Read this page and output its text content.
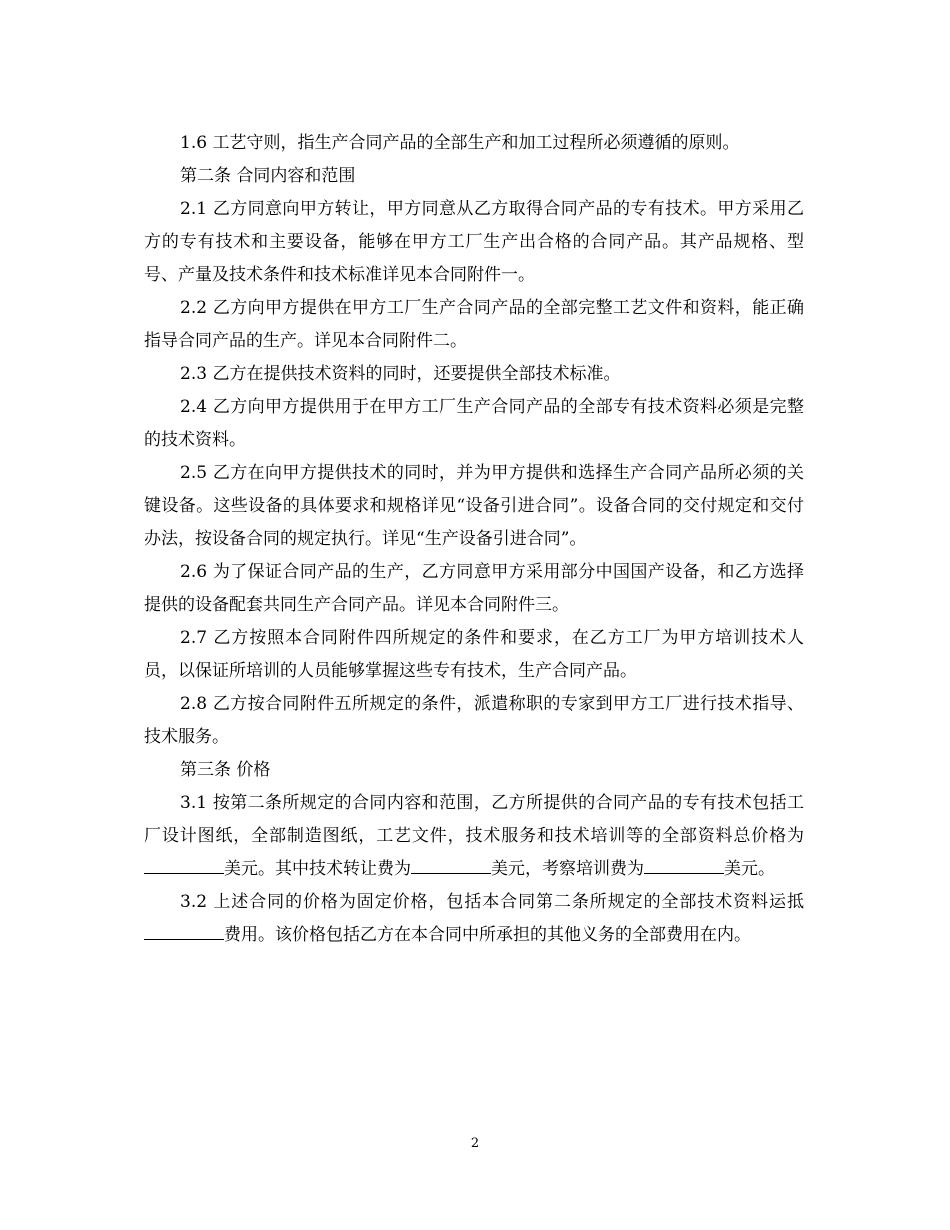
1.6 工艺守则，指生产合同产品的全部生产和加工过程所必须遵循的原则。

第二条 合同内容和范围

2.1 乙方同意向甲方转让，甲方同意从乙方取得合同产品的专有技术。甲方采用乙方的专有技术和主要设备，能够在甲方工厂生产出合格的合同产品。其产品规格、型号、产量及技术条件和技术标准详见本合同附件一。

2.2 乙方向甲方提供在甲方工厂生产合同产品的全部完整工艺文件和资料，能正确指导合同产品的生产。详见本合同附件二。

2.3 乙方在提供技术资料的同时，还要提供全部技术标准。

2.4 乙方向甲方提供用于在甲方工厂生产合同产品的全部专有技术资料必须是完整的技术资料。

2.5 乙方在向甲方提供技术的同时，并为甲方提供和选择生产合同产品所必须的关键设备。这些设备的具体要求和规格详见“设备引进合同”。设备合同的交付规定和交付办法，按设备合同的规定执行。详见“生产设备引进合同”。

2.6 为了保证合同产品的生产，乙方同意甲方采用部分中国国产设备，和乙方选择提供的设备配套共同生产合同产品。详见本合同附件三。

2.7 乙方按照本合同附件四所规定的条件和要求，在乙方工厂为甲方培训技术人员，以保证所培训的人员能够掌握这些专有技术，生产合同产品。

2.8 乙方按合同附件五所规定的条件，派遣称职的专家到甲方工厂进行技术指导、技术服务。

第三条 价格

3.1 按第二条所规定的合同内容和范围，乙方所提供的合同产品的专有技术包括工厂设计图纸，全部制造图纸，工艺文件，技术服务和技术培训等的全部资料总价格为美元。其中技术转让费为	美元，考察培训费为	美元。

3.2 上述合同的价格为固定价格，包括本合同第二条所规定的全部技术资料运抵费用。该价格包括乙方在本合同中所承担的其他义务的全部费用在内。

2
